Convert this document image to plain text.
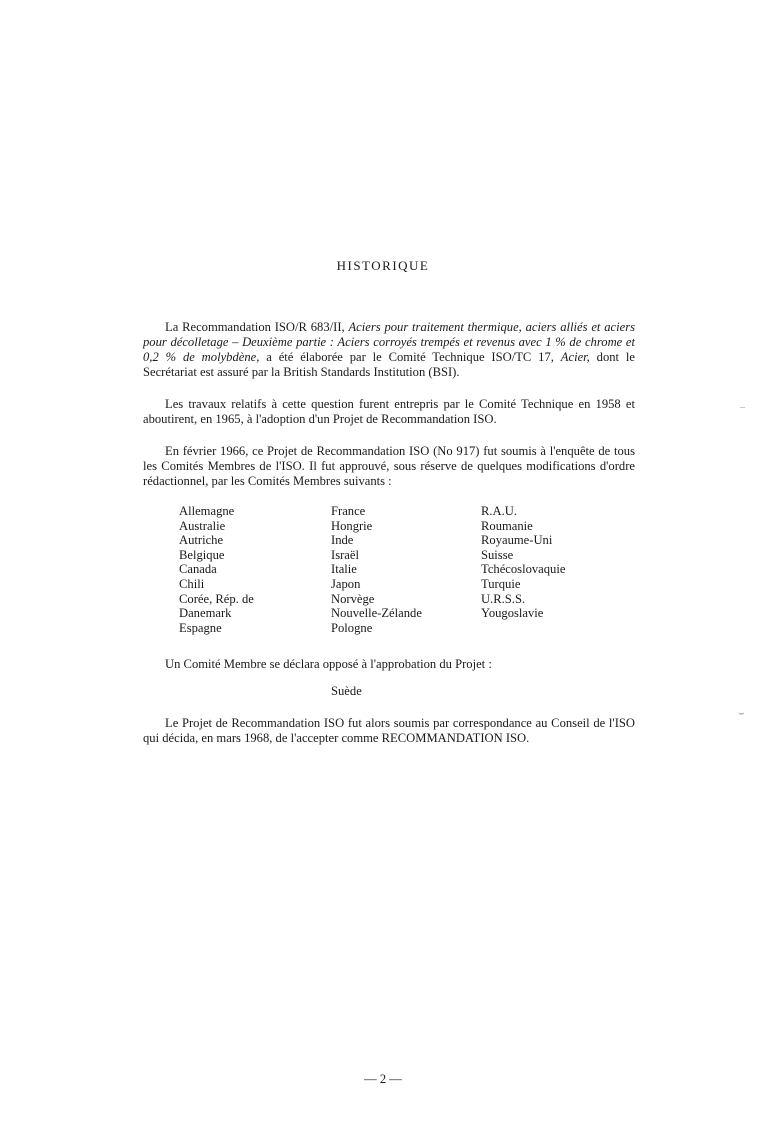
HISTORIQUE

La Recommandation ISO/R 683/II, Aciers pour traitement thermique, aciers alliés et aciers pour décolletage – Deuxième partie : Aciers corroyés trempés et revenus avec 1 % de chrome et 0,2 % de molybdène, a été élaborée par le Comité Technique ISO/TC 17, Acier, dont le Secrétariat est assuré par la British Standards Institution (BSI).

Les travaux relatifs à cette question furent entrepris par le Comité Technique en 1958 et aboutirent, en 1965, à l'adoption d'un Projet de Recommandation ISO.

En février 1966, ce Projet de Recommandation ISO (No 917) fut soumis à l'enquête de tous les Comités Membres de l'ISO. Il fut approuvé, sous réserve de quelques modifications d'ordre rédactionnel, par les Comités Membres suivants :

Allemagne
Australie
Autriche
Belgique
Canada
Chili
Corée, Rép. de
Danemark
Espagne
France
Hongrie
Inde
Israël
Italie
Japon
Norvège
Nouvelle-Zélande
Pologne
R.A.U.
Roumanie
Royaume-Uni
Suisse
Tchécoslovaquie
Turquie
U.R.S.S.
Yougoslavie

Un Comité Membre se déclara opposé à l'approbation du Projet :

Suède

Le Projet de Recommandation ISO fut alors soumis par correspondance au Conseil de l'ISO qui décida, en mars 1968, de l'accepter comme RECOMMANDATION ISO.

— 2 —
–
⌣
